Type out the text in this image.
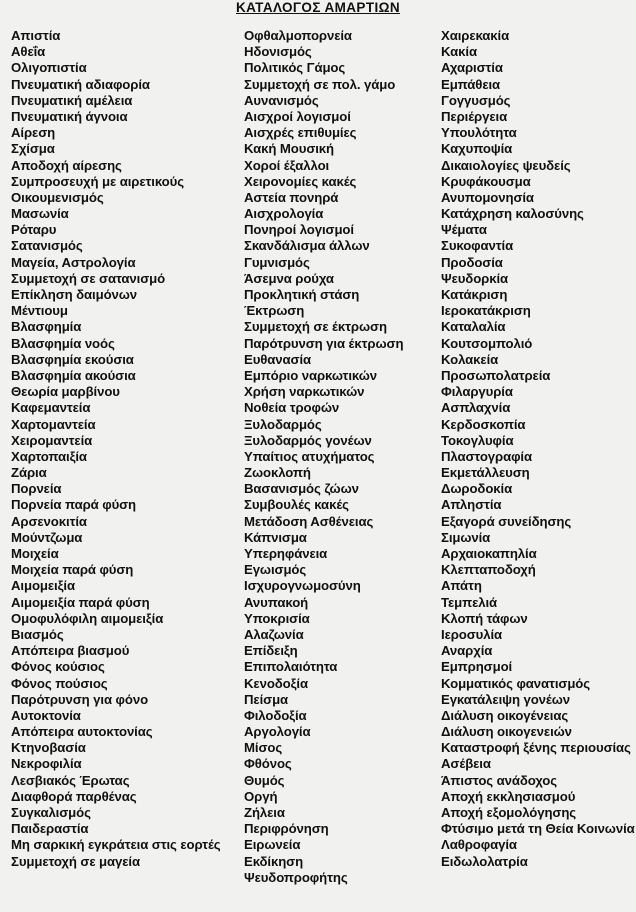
ΚΑΤΑΛΟΓΟΣ ΑΜΑΡΤΙΩΝ
Απιστία
Αθεΐα
Ολιγοπιστία
Πνευματική αδιαφορία
Πνευματική αμέλεια
Πνευματική άγνοια
Αίρεση
Σχίσμα
Αποδοχή αίρεσης
Συμπροσευχή με αιρετικούς
Οικουμενισμός
Μασωνία
Ρόταρυ
Σατανισμός
Μαγεία, Αστρολογία
Συμμετοχή σε σατανισμό
Επίκληση δαιμόνων
Μέντιουμ
Βλασφημία
Βλασφημία νοός
Βλασφημία εκούσια
Βλασφημία ακούσια
Θεωρία μαρβίνου
Καφεμαντεία
Χαρτομαντεία
Χειρομαντεία
Χαρτοπαιξία
Ζάρια
Πορνεία
Πορνεία παρά φύση
Αρσενοκιτία
Μούντζωμα
Μοιχεία
Μοιχεία παρά φύση
Αιμομειξία
Αιμομειξία παρά φύση
Ομοφυλόφιλη αιμομειξία
Βιασμός
Απόπειρα βιασμού
Φόνος κούσιος
Φόνος πούσιος
Παρότρυνση για φόνο
Αυτοκτονία
Απόπειρα αυτοκτονίας
Κτηνοβασία
Νεκροφιλία
Λεσβιακός Έρωτας
Διαφθορά παρθένας
Συγκαλισμός
Παιδεραστία
Μη σαρκική εγκράτεια στις εορτές
Συμμετοχή σε μαγεία
Οφθαλμοπορνεία
Ηδονισμός
Πολιτικός Γάμος
Συμμετοχή σε πολ. γάμο
Αυνανισμός
Αισχροί λογισμοί
Αισχρές επιθυμίες
Κακή Μουσική
Χοροί έξαλλοι
Χειρονομίες κακές
Αστεία πονηρά
Αισχρολογία
Πονηροί λογισμοί
Σκανδάλισμα άλλων
Γυμνισμός
Άσεμνα ρούχα
Προκλητική στάση
Έκτρωση
Συμμετοχή σε έκτρωση
Παρότρυνση για έκτρωση
Ευθανασία
Εμπόριο ναρκωτικών
Χρήση ναρκωτικών
Νοθεία τροφών
Ξυλοδαρμός
Ξυλοδαρμός γονέων
Υπαίτιος ατυχήματος
Ζωοκλοπή
Βασανισμός ζώων
Συμβουλές κακές
Μετάδοση Ασθένειας
Κάπνισμα
Υπερηφάνεια
Εγωισμός
Ισχυρογνωμοσύνη
Ανυπακοή
Υποκρισία
Αλαζωνία
Επίδειξη
Επιπολαιότητα
Κενοδοξία
Πείσμα
Φιλοδοξία
Αργολογία
Μίσος
Φθόνος
Θυμός
Οργή
Ζήλεια
Περιφρόνηση
Ειρωνεία
Εκδίκηση
Ψευδοπροφήτης
Χαιρεκακία
Κακία
Αχαριστία
Εμπάθεια
Γογγυσμός
Περιέργεια
Υπουλότητα
Καχυποψία
Δικαιολογίες ψευδείς
Κρυφάκουσμα
Ανυπομονησία
Κατάχρηση καλοσύνης
Ψέματα
Συκοφαντία
Προδοσία
Ψευδορκία
Κατάκριση
Ιεροκατάκριση
Καταλαλία
Κουτσομπολιό
Κολακεία
Προσωπολατρεία
Φιλαργυρία
Ασπλαχνία
Κερδοσκοπία
Τοκογλυφία
Πλαστογραφία
Εκμετάλλευση
Δωροδοκία
Απληστία
Εξαγορά συνείδησης
Σιμωνία
Αρχαιοκαπηλία
Κλεπταποδοχή
Απάτη
Τεμπελιά
Κλοπή τάφων
Ιεροσυλία
Αναρχία
Εμπρησμοί
Κομματικός φανατισμός
Εγκατάλειψη γονέων
Διάλυση οικογένειας
Διάλυση οικογενειών
Καταστροφή ξένης περιουσίας
Ασέβεια
Άπιστος ανάδοχος
Αποχή εκκλησιασμού
Αποχή εξομολόγησης
Φτύσιμο μετά τη Θεία Κοινωνία
Λαθροφαγία
Ειδωλολατρία
